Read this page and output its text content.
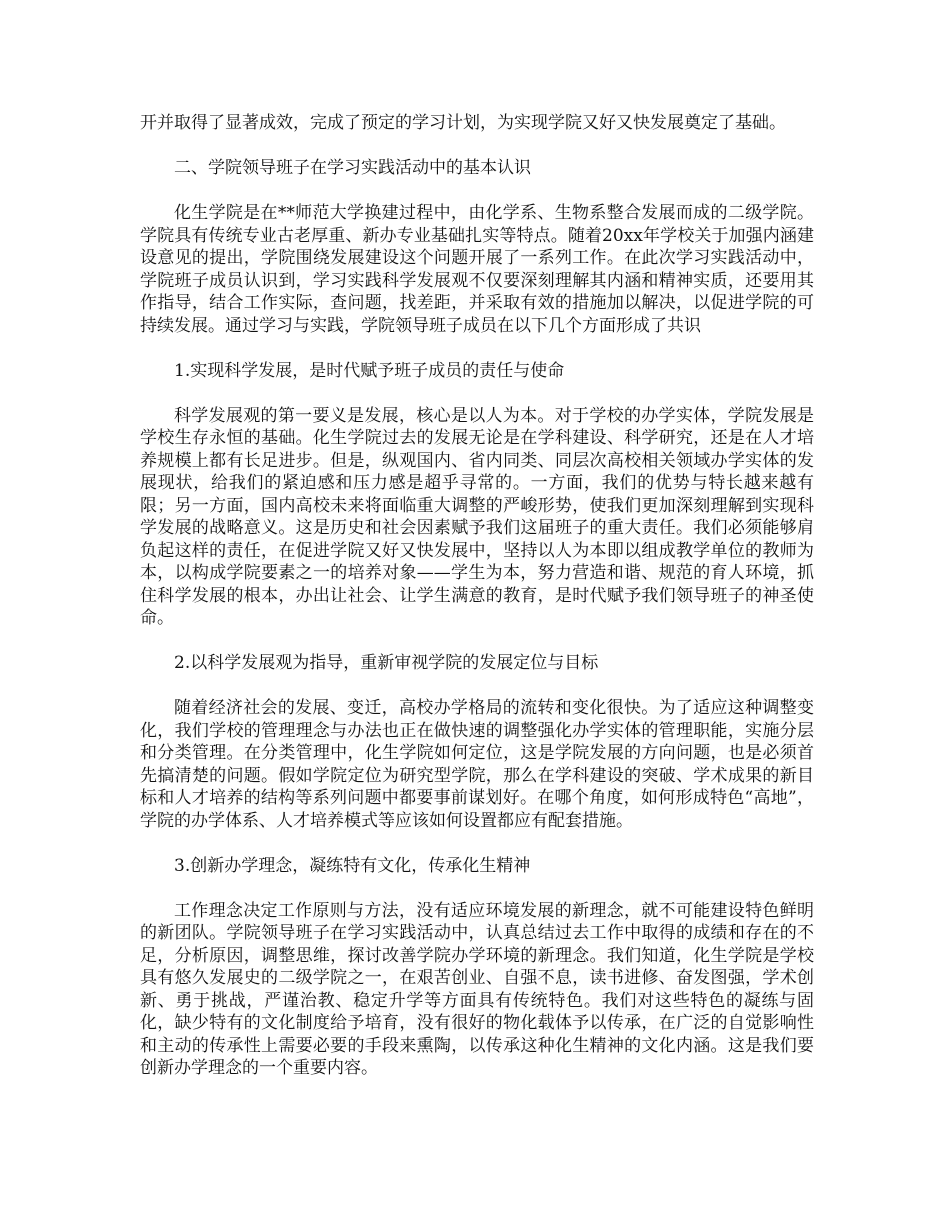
开并取得了显著成效，完成了预定的学习计划，为实现学院又好又快发展奠定了基础。

二、学院领导班子在学习实践活动中的基本认识

化生学院是在**师范大学换建过程中，由化学系、生物系整合发展而成的二级学院。学院具有传统专业古老厚重、新办专业基础扎实等特点。随着20xx年学校关于加强内涵建设意见的提出，学院围绕发展建设这个问题开展了一系列工作。在此次学习实践活动中，学院班子成员认识到，学习实践科学发展观不仅要深刻理解其内涵和精神实质，还要用其作指导，结合工作实际，查问题，找差距，并采取有效的措施加以解决，以促进学院的可持续发展。通过学习与实践，学院领导班子成员在以下几个方面形成了共识

1.实现科学发展，是时代赋予班子成员的责任与使命

科学发展观的第一要义是发展，核心是以人为本。对于学校的办学实体，学院发展是学校生存永恒的基础。化生学院过去的发展无论是在学科建设、科学研究，还是在人才培养规模上都有长足进步。但是，纵观国内、省内同类、同层次高校相关领域办学实体的发展现状，给我们的紧迫感和压力感是超乎寻常的。一方面，我们的优势与特长越来越有限；另一方面，国内高校未来将面临重大调整的严峻形势，使我们更加深刻理解到实现科学发展的战略意义。这是历史和社会因素赋予我们这届班子的重大责任。我们必须能够肩负起这样的责任，在促进学院又好又快发展中，坚持以人为本即以组成教学单位的教师为本，以构成学院要素之一的培养对象——学生为本，努力营造和谐、规范的育人环境，抓住科学发展的根本，办出让社会、让学生满意的教育，是时代赋予我们领导班子的神圣使命。

2.以科学发展观为指导，重新审视学院的发展定位与目标

随着经济社会的发展、变迁，高校办学格局的流转和变化很快。为了适应这种调整变化，我们学校的管理理念与办法也正在做快速的调整强化办学实体的管理职能，实施分层和分类管理。在分类管理中，化生学院如何定位，这是学院发展的方向问题，也是必须首先搞清楚的问题。假如学院定位为研究型学院，那么在学科建设的突破、学术成果的新目标和人才培养的结构等系列问题中都要事前谋划好。在哪个角度，如何形成特色“高地”，学院的办学体系、人才培养模式等应该如何设置都应有配套措施。

3.创新办学理念，凝练特有文化，传承化生精神

工作理念决定工作原则与方法，没有适应环境发展的新理念，就不可能建设特色鲜明的新团队。学院领导班子在学习实践活动中，认真总结过去工作中取得的成绩和存在的不足，分析原因，调整思维，探讨改善学院办学环境的新理念。我们知道，化生学院是学校具有悠久发展史的二级学院之一，在艰苦创业、自强不息，读书进修、奋发图强，学术创新、勇于挑战，严谨治教、稳定升学等方面具有传统特色。我们对这些特色的凝练与固化，缺少特有的文化制度给予培育，没有很好的物化载体予以传承，在广泛的自觉影响性和主动的传承性上需要必要的手段来熏陶，以传承这种化生精神的文化内涵。这是我们要创新办学理念的一个重要内容。
